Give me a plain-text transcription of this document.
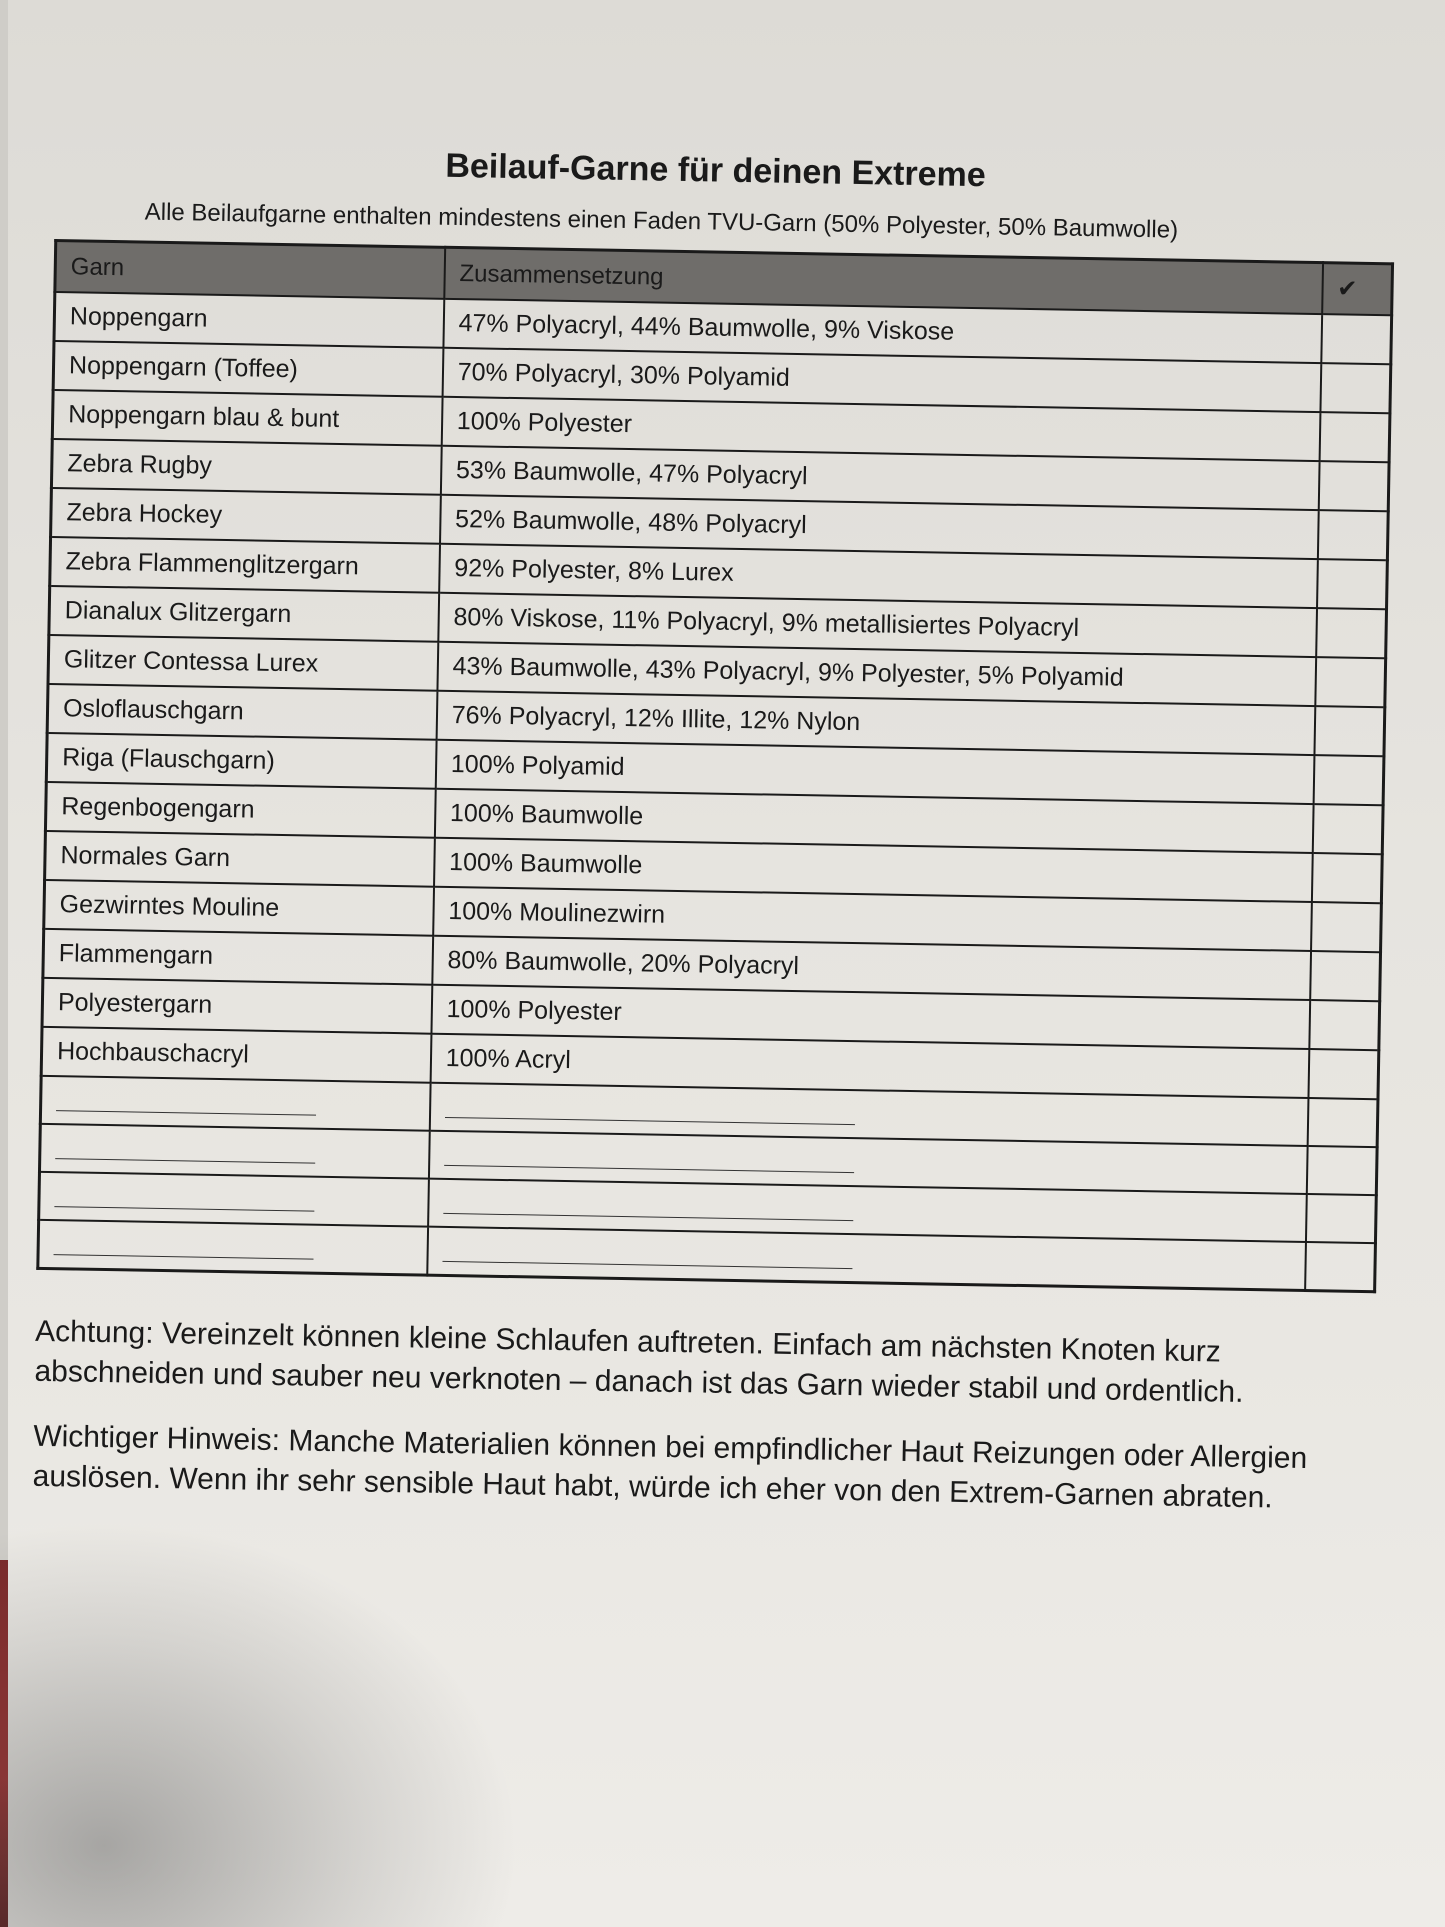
Beilauf-Garne für deinen Extreme
Alle Beilaufgarne enthalten mindestens einen Faden TVU-Garn (50% Polyester, 50% Baumwolle)
Garn	Zusammensetzung	✔
Noppengarn	47% Polyacryl, 44% Baumwolle, 9% Viskose	
Noppengarn (Toffee)	70% Polyacryl, 30% Polyamid	
Noppengarn blau & bunt	100% Polyester	
Zebra Rugby	53% Baumwolle, 47% Polyacryl	
Zebra Hockey	52% Baumwolle, 48% Polyacryl	
Zebra Flammenglitzergarn	92% Polyester, 8% Lurex	
Dianalux Glitzergarn	80% Viskose, 11% Polyacryl, 9% metallisiertes Polyacryl	
Glitzer Contessa Lurex	43% Baumwolle, 43% Polyacryl, 9% Polyester, 5% Polyamid	
Osloflauschgarn	76% Polyacryl, 12% Illite, 12% Nylon	
Riga (Flauschgarn)	100% Polyamid	
Regenbogengarn	100% Baumwolle	
Normales Garn	100% Baumwolle	
Gezwirntes Mouline	100% Moulinezwirn	
Flammengarn	80% Baumwolle, 20% Polyacryl	
Polyestergarn	100% Polyester	
Hochbauschacryl	100% Acryl	

Achtung: Vereinzelt können kleine Schlaufen auftreten. Einfach am nächsten Knoten kurz abschneiden und sauber neu verknoten – danach ist das Garn wieder stabil und ordentlich.

Wichtiger Hinweis: Manche Materialien können bei empfindlicher Haut Reizungen oder Allergien auslösen. Wenn ihr sehr sensible Haut habt, würde ich eher von den Extrem-Garnen abraten.
